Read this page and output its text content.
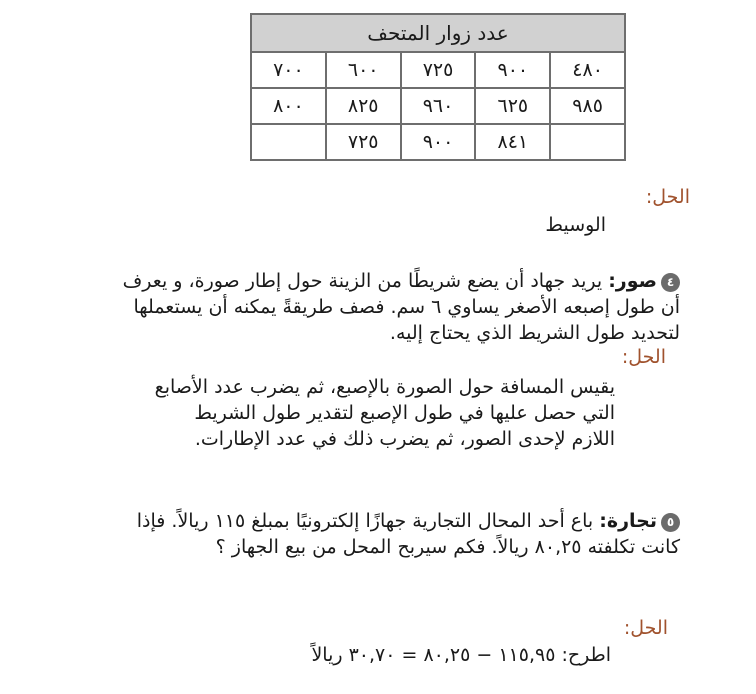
عدد زوار المتحف				
٤٨٠	٩٠٠	٧٢٥	٦٠٠	٧٠٠
٩٨٥	٦٢٥	٩٦٠	٨٢٥	٨٠٠
	٨٤١	٩٠٠	٧٢٥	
الحل:
الوسيط
٤صور: يريد جهاد أن يضع شريطًا من الزينة حول إطار صورة، و يعرف أن طول إصبعه الأصغر يساوي ٦ سم. فصف طريقةً يمكنه أن يستعملها لتحديد طول الشريط الذي يحتاج إليه.
الحل:
يقيس المسافة حول الصورة بالإصبع، ثم يضرب عدد الأصابع التي حصل عليها في طول الإصبع لتقدير طول الشريط اللازم لإحدى الصور، ثم يضرب ذلك في عدد الإطارات.
٥تجارة: باع أحد المحال التجارية جهازًا إلكترونيًا بمبلغ ١١٥ ريالاً. فإذا كانت تكلفته ٨٠,٢٥ ريالاً. فكم سيربح المحل من بيع الجهاز ؟
الحل:
اطرح: ١١٥,٩٥ − ٨٠,٢٥ = ٣٠,٧٠ ريالاً
